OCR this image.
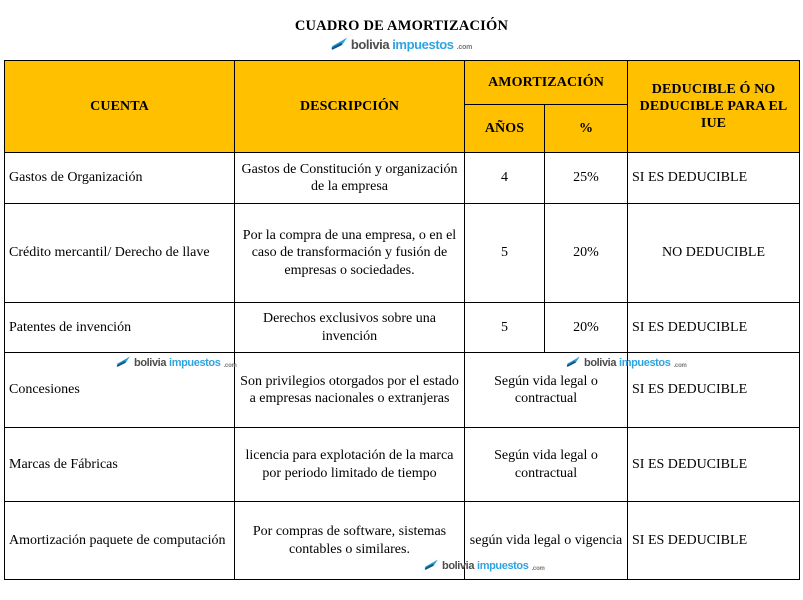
CUADRO DE AMORTIZACIÓN
bolivia impuestos .com
CUENTA	DESCRIPCIÓN	AMORTIZACIÓN		DEDUCIBLE Ó NO DEDUCIBLE PARA EL IUE
		AÑOS	%	
Gastos de Organización	Gastos de Constitución y organización de la empresa	4	25%	SI ES DEDUCIBLE
Crédito mercantil/ Derecho de llave	Por la compra de una empresa, o en el caso de transformación y fusión de empresas o sociedades.	5	20%	NO DEDUCIBLE
Patentes de invención	Derechos exclusivos sobre una invención	5	20%	SI ES DEDUCIBLE
Concesiones	Son privilegios otorgados por el estado a empresas nacionales o extranjeras	Según vida legal o contractual		SI ES DEDUCIBLE
Marcas de Fábricas	licencia para explotación de la marca por periodo limitado de tiempo	Según vida legal o contractual		SI ES DEDUCIBLE
Amortización paquete de computación	Por compras de software, sistemas contables o similares.	según vida legal o vigencia		SI ES DEDUCIBLE
bolivia impuestos .com	bolivia impuestos .com
bolivia impuestos .com
